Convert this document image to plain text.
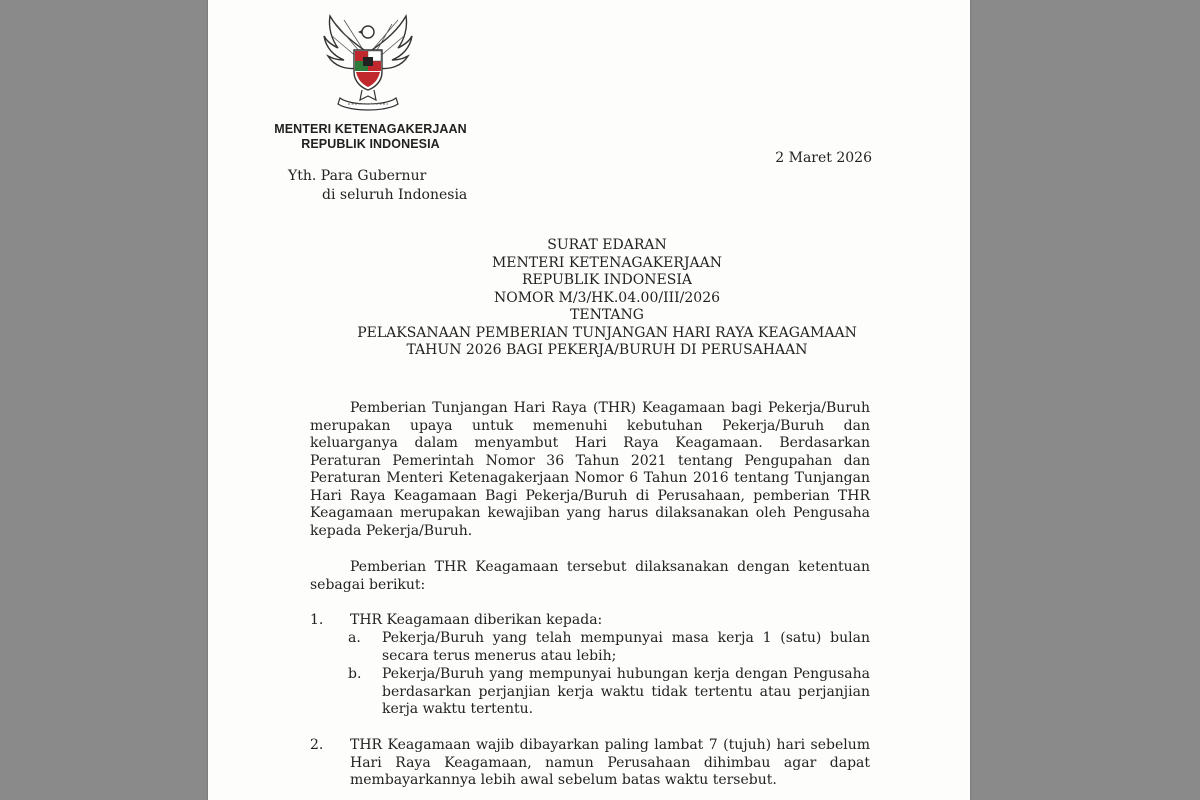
MENTERI KETENAGAKERJAAN
REPUBLIK INDONESIA
2 Maret 2026
Yth. Para Gubernur
di seluruh Indonesia
SURAT EDARAN
MENTERI KETENAGAKERJAAN
REPUBLIK INDONESIA
NOMOR M/3/HK.04.00/III/2026
TENTANG
PELAKSANAAN PEMBERIAN TUNJANGAN HARI RAYA KEAGAMAAN
TAHUN 2026 BAGI PEKERJA/BURUH DI PERUSAHAAN
Pemberian Tunjangan Hari Raya (THR) Keagamaan bagi Pekerja/Buruh merupakan upaya untuk memenuhi kebutuhan Pekerja/Buruh dan keluarganya dalam menyambut Hari Raya Keagamaan. Berdasarkan Peraturan Pemerintah Nomor 36 Tahun 2021 tentang Pengupahan dan Peraturan Menteri Ketenagakerjaan Nomor 6 Tahun 2016 tentang Tunjangan Hari Raya Keagamaan Bagi Pekerja/Buruh di Perusahaan, pemberian THR Keagamaan merupakan kewajiban yang harus dilaksanakan oleh Pengusaha kepada Pekerja/Buruh.
Pemberian THR Keagamaan tersebut dilaksanakan dengan ketentuan sebagai berikut:
1.	THR Keagamaan diberikan kepada:
a. Pekerja/Buruh yang telah mempunyai masa kerja 1 (satu) bulan secara terus menerus atau lebih;
b. Pekerja/Buruh yang mempunyai hubungan kerja dengan Pengusaha berdasarkan perjanjian kerja waktu tidak tertentu atau perjanjian kerja waktu tertentu.
2.	THR Keagamaan wajib dibayarkan paling lambat 7 (tujuh) hari sebelum Hari Raya Keagamaan, namun Perusahaan dihimbau agar dapat membayarkannya lebih awal sebelum batas waktu tersebut.
